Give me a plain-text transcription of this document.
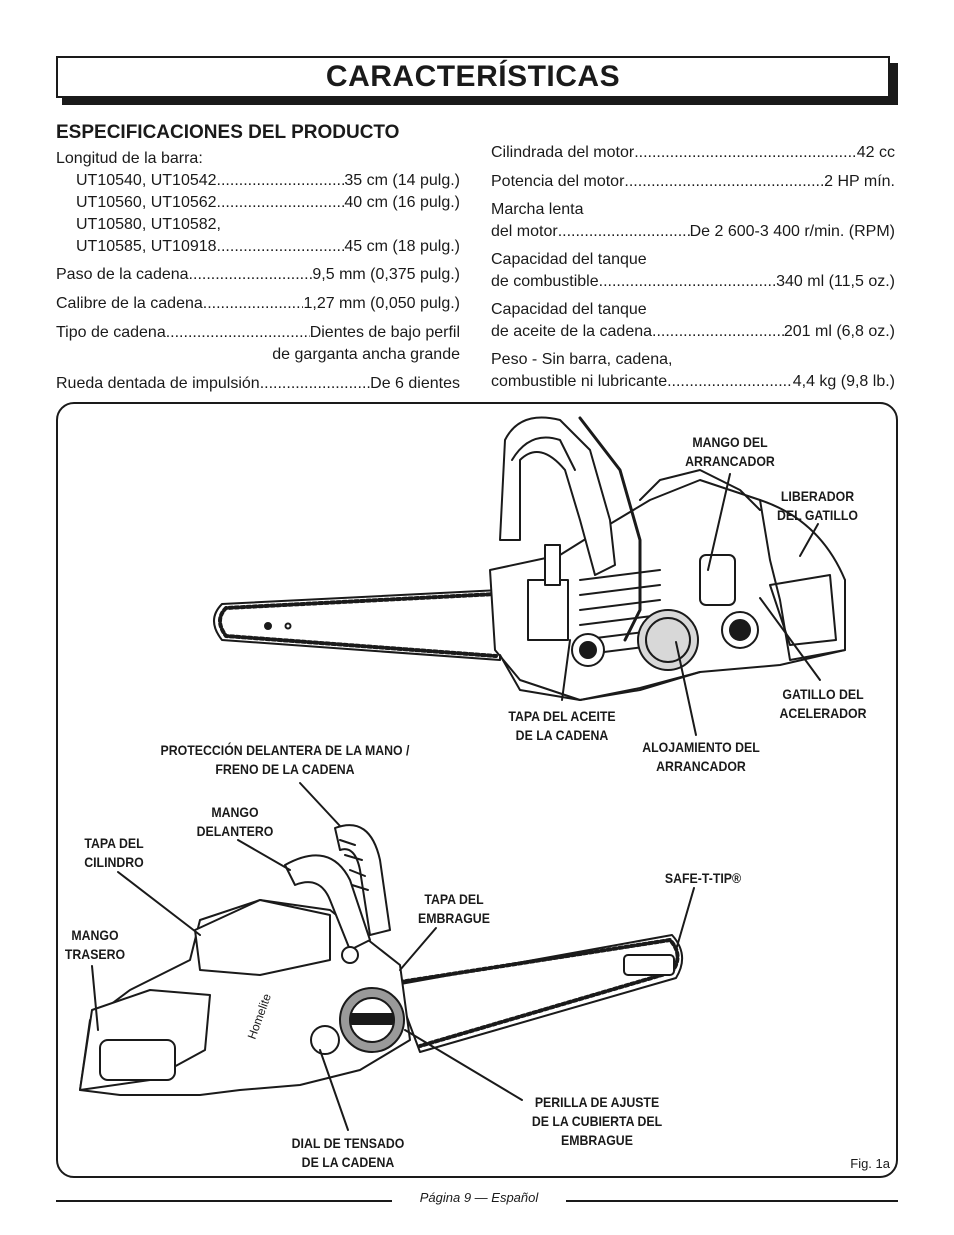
CARACTERÍSTICAS
ESPECIFICACIONES DEL PRODUCTO
Longitud de la barra:
UT10540, UT10542 .....	35 cm (14 pulg.)
UT10560, UT10562 .....	40 cm (16 pulg.)
UT10580, UT10582,
UT10585, UT10918 .....	45 cm (18 pulg.)
Paso de la cadena .....	9,5 mm (0,375 pulg.)
Calibre de la cadena .....	1,27 mm (0,050 pulg.)
Tipo de cadena .....	Dientes de bajo perfil
de garganta ancha grande
Rueda dentada de impulsión .....	De 6 dientes
Cilindrada del motor .....	42 cc
Potencia del motor .....	2 HP mín.
Marcha lenta
del motor .....	De 2 600-3 400 r/min. (RPM)
Capacidad del tanque
de combustible .....	340 ml (11,5 oz.)
Capacidad del tanque
de aceite de la cadena .....	201 ml (6,8 oz.)
Peso - Sin barra, cadena,
combustible ni lubricante .....	4,4 kg (9,8 lb.)
Homelite
MANGO DEL
ARRANCADOR
LIBERADOR
DEL GATILLO
GATILLO DEL
ACELERADOR
TAPA DEL ACEITE
DE LA CADENA
ALOJAMIENTO DEL
ARRANCADOR
PROTECCIÓN DELANTERA DE LA MANO /
FRENO DE LA CADENA
MANGO
DELANTERO
TAPA DEL
CILINDRO
TAPA DEL
EMBRAGUE
SAFE-T-TIP®
MANGO
TRASERO
PERILLA DE AJUSTE
DE LA CUBIERTA DEL
EMBRAGUE
DIAL DE TENSADO
DE LA CADENA	Fig. 1a
Página 9 — Español
